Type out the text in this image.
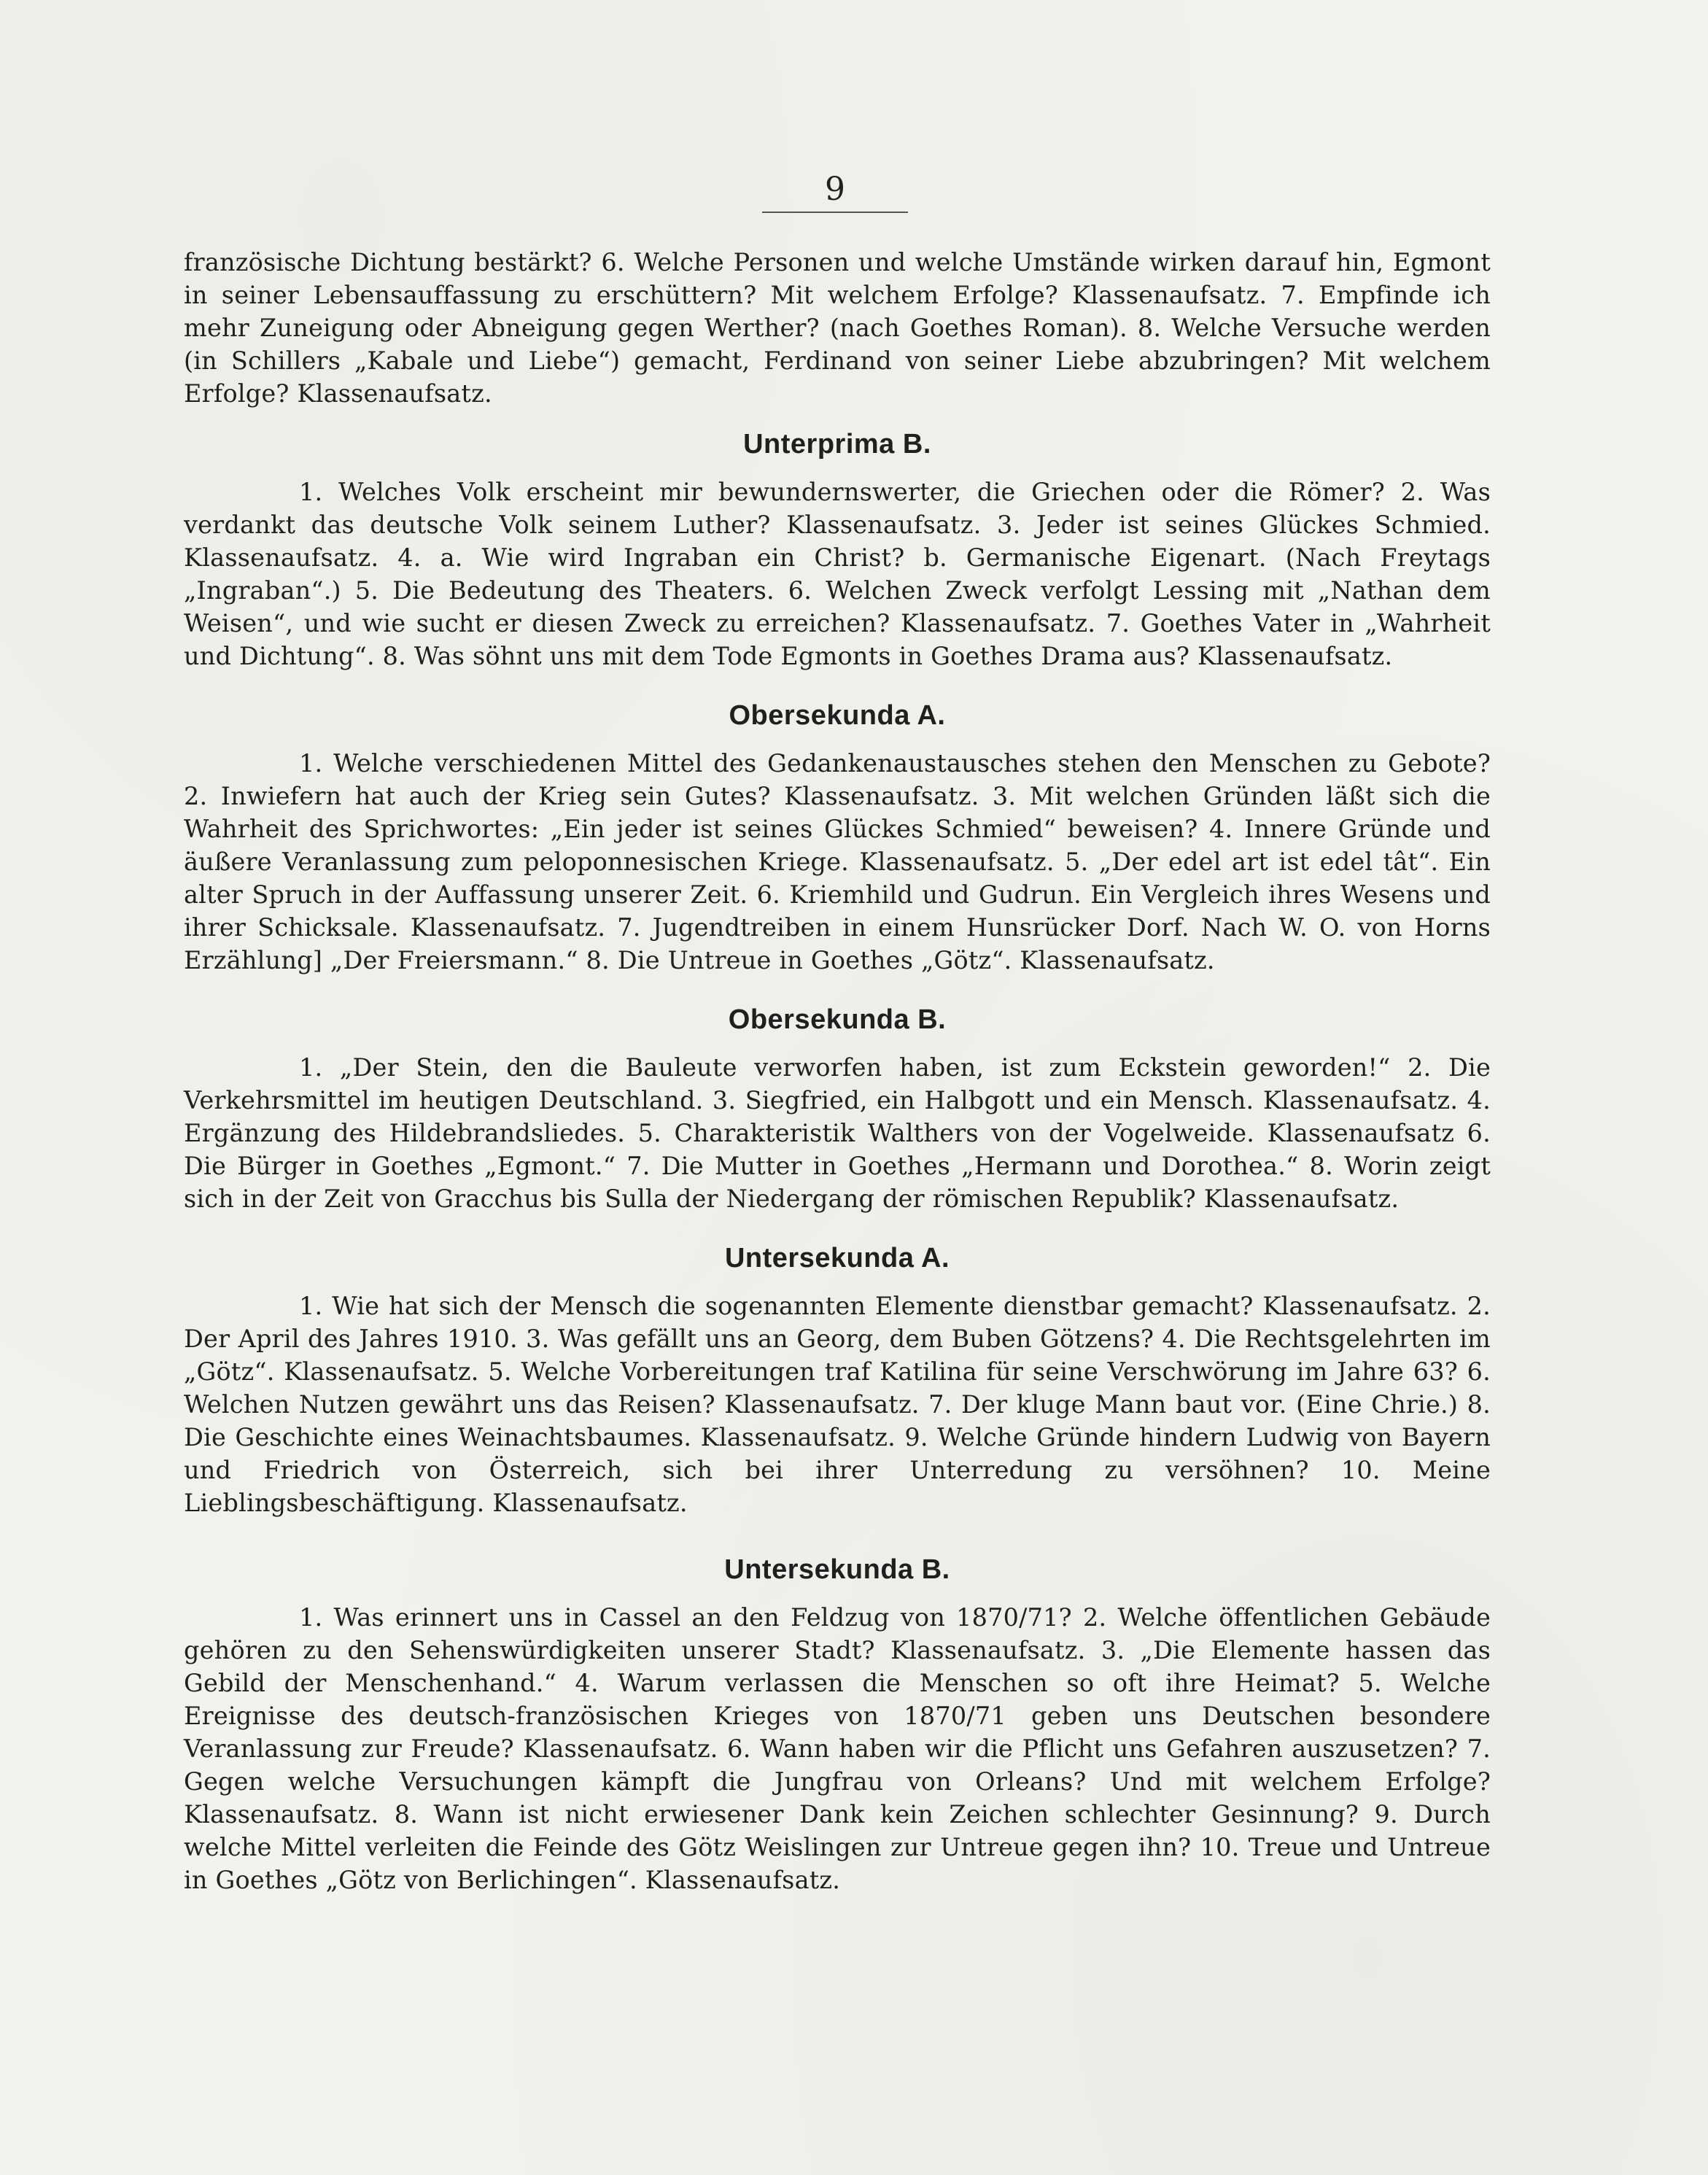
9

französische Dichtung bestärkt? 6. Welche Personen und welche Umstände wirken darauf hin, Egmont in seiner Lebensauffassung zu erschüttern? Mit welchem Erfolge? Klassenaufsatz. 7. Empfinde ich mehr Zuneigung oder Abneigung gegen Werther? (nach Goethes Roman). 8. Welche Versuche werden (in Schillers „Kabale und Liebe“) gemacht, Ferdinand von seiner Liebe abzubringen? Mit welchem Erfolge? Klassenaufsatz.

Unterprima B.

1. Welches Volk erscheint mir bewundernswerter, die Griechen oder die Römer? 2. Was verdankt das deutsche Volk seinem Luther? Klassenaufsatz. 3. Jeder ist seines Glückes Schmied. Klassenaufsatz. 4. a. Wie wird Ingraban ein Christ? b. Germanische Eigenart. (Nach Freytags „Ingraban“.) 5. Die Bedeutung des Theaters. 6. Welchen Zweck verfolgt Lessing mit „Nathan dem Weisen“, und wie sucht er diesen Zweck zu erreichen? Klassenaufsatz. 7. Goethes Vater in „Wahrheit und Dichtung“. 8. Was söhnt uns mit dem Tode Egmonts in Goethes Drama aus? Klassenaufsatz.

Obersekunda A.

1. Welche verschiedenen Mittel des Gedankenaustausches stehen den Menschen zu Gebote? 2. Inwiefern hat auch der Krieg sein Gutes? Klassenaufsatz. 3. Mit welchen Gründen läßt sich die Wahrheit des Sprichwortes: „Ein jeder ist seines Glückes Schmied“ beweisen? 4. Innere Gründe und äußere Veranlassung zum peloponnesischen Kriege. Klassenaufsatz. 5. „Der edel art ist edel tât“. Ein alter Spruch in der Auffassung unserer Zeit. 6. Kriemhild und Gudrun. Ein Vergleich ihres Wesens und ihrer Schicksale. Klassenaufsatz. 7. Jugendtreiben in einem Hunsrücker Dorf. Nach W. O. von Horns Erzählung] „Der Freiersmann.“ 8. Die Untreue in Goethes „Götz“. Klassenaufsatz.

Obersekunda B.

1. „Der Stein, den die Bauleute verworfen haben, ist zum Eckstein geworden!“ 2. Die Verkehrsmittel im heutigen Deutschland. 3. Siegfried, ein Halbgott und ein Mensch. Klassenaufsatz. 4. Ergänzung des Hildebrandsliedes. 5. Charakteristik Walthers von der Vogelweide. Klassenaufsatz 6. Die Bürger in Goethes „Egmont.“ 7. Die Mutter in Goethes „Hermann und Dorothea.“ 8. Worin zeigt sich in der Zeit von Gracchus bis Sulla der Niedergang der römischen Republik? Klassenaufsatz.

Untersekunda A.

1. Wie hat sich der Mensch die sogenannten Elemente dienstbar gemacht? Klassenaufsatz. 2. Der April des Jahres 1910. 3. Was gefällt uns an Georg, dem Buben Götzens? 4. Die Rechtsgelehrten im „Götz“. Klassenaufsatz. 5. Welche Vorbereitungen traf Katilina für seine Verschwörung im Jahre 63? 6. Welchen Nutzen gewährt uns das Reisen? Klassenaufsatz. 7. Der kluge Mann baut vor. (Eine Chrie.) 8. Die Geschichte eines Weinachtsbaumes. Klassenaufsatz. 9. Welche Gründe hindern Ludwig von Bayern und Friedrich von Österreich, sich bei ihrer Unterredung zu versöhnen? 10. Meine Lieblingsbeschäftigung. Klassenaufsatz.

Untersekunda B.

1. Was erinnert uns in Cassel an den Feldzug von 1870/71? 2. Welche öffentlichen Gebäude gehören zu den Sehenswürdigkeiten unserer Stadt? Klassenaufsatz. 3. „Die Elemente hassen das Gebild der Menschenhand.“ 4. Warum verlassen die Menschen so oft ihre Heimat? 5. Welche Ereignisse des deutsch-französischen Krieges von 1870/71 geben uns Deutschen besondere Veranlassung zur Freude? Klassenaufsatz. 6. Wann haben wir die Pflicht uns Gefahren auszusetzen? 7. Gegen welche Versuchungen kämpft die Jungfrau von Orleans? Und mit welchem Erfolge? Klassenaufsatz. 8. Wann ist nicht erwiesener Dank kein Zeichen schlechter Gesinnung? 9. Durch welche Mittel verleiten die Feinde des Götz Weislingen zur Untreue gegen ihn? 10. Treue und Untreue in Goethes „Götz von Berlichingen“. Klassenaufsatz.
